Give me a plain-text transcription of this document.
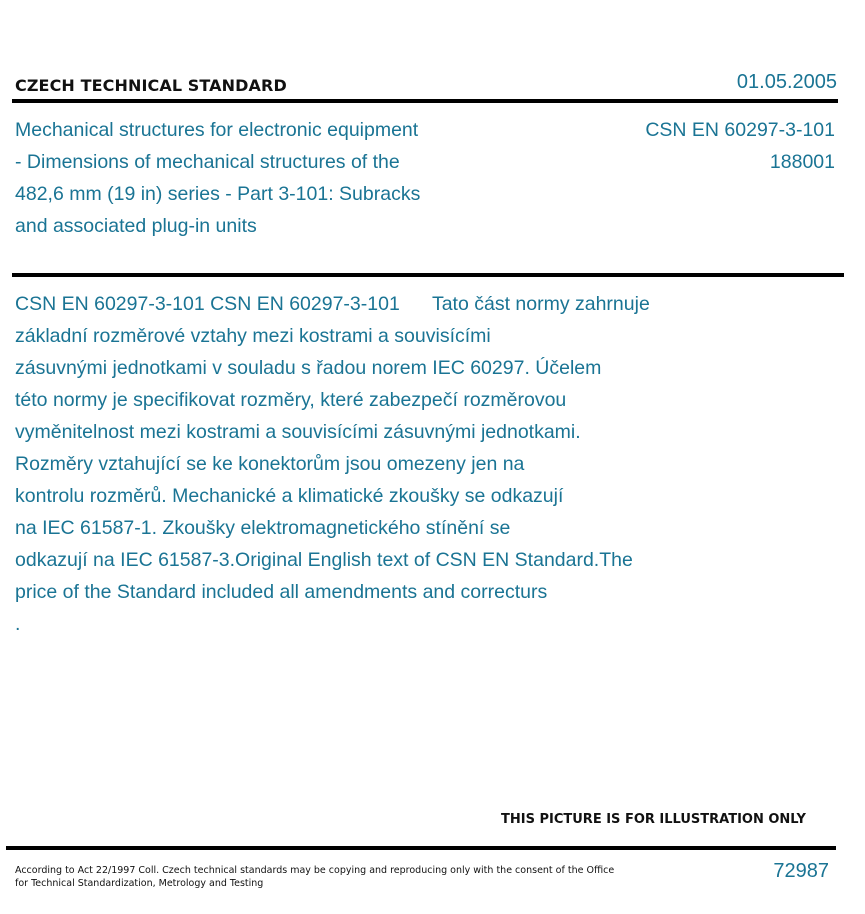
CZECH TECHNICAL STANDARD	01.05.2005
Mechanical structures for electronic equipment
- Dimensions of mechanical structures of the
482,6 mm (19 in) series - Part 3-101: Subracks
and associated plug-in units
CSN EN 60297-3-101
188001
CSN EN 60297-3-101 CSN EN 60297-3-101      Tato část normy zahrnuje
základní rozměrové vztahy mezi kostrami a souvisícími
zásuvnými jednotkami v souladu s řadou norem IEC 60297. Účelem
této normy je specifikovat rozměry, které zabezpečí rozměrovou
vyměnitelnost mezi kostrami a souvisícími zásuvnými jednotkami.
Rozměry vztahující se ke konektorům jsou omezeny jen na
kontrolu rozměrů. Mechanické a klimatické zkoušky se odkazují
na IEC 61587-1. Zkoušky elektromagnetického stínění se
odkazují na IEC 61587-3.Original English text of CSN EN Standard.The
price of the Standard included all amendments and correcturs
.
THIS PICTURE IS FOR ILLUSTRATION ONLY
According to Act 22/1997 Coll. Czech technical standards may be copying and reproducing only with the consent of the Office
for Technical Standardization, Metrology and Testing
72987
